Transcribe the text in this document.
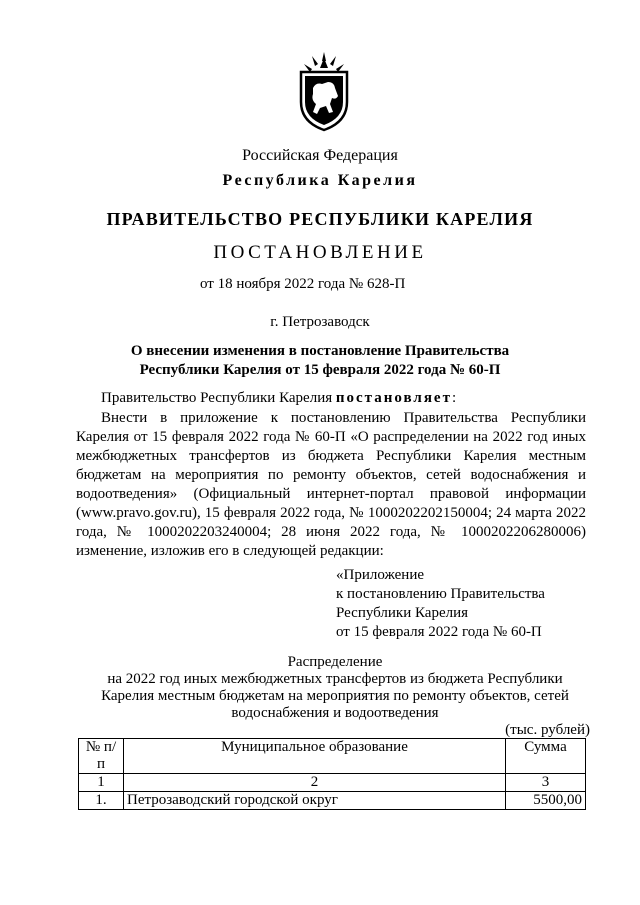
Российская Федерация
Республика Карелия
ПРАВИТЕЛЬСТВО РЕСПУБЛИКИ КАРЕЛИЯ
ПОСТАНОВЛЕНИЕ
от 18 ноября 2022 года № 628-П
г. Петрозаводск
О внесении изменения в постановление Правительства
Республики Карелия от 15 февраля 2022 года № 60-П
Правительство Республики Карелия постановляет:
Внести в приложение к постановлению Правительства Республики Карелия от 15 февраля 2022 года № 60-П «О распределении на 2022 год иных межбюджетных трансфертов из бюджета Республики Карелия местным бюджетам на мероприятия по ремонту объектов, сетей водоснабжения и водоотведения» (Официальный интернет-портал правовой информации (www.pravo.gov.ru), 15 февраля 2022 года, № 1000202202150004; 24 марта 2022 года, № 1000202203240004; 28 июня 2022 года, № 1000202206280006) изменение, изложив его в следующей редакции:
«Приложение
к постановлению Правительства
Республики Карелия
от 15 февраля 2022 года № 60-П
Распределение
на 2022 год иных межбюджетных трансфертов из бюджета Республики
Карелия местным бюджетам на мероприятия по ремонту объектов, сетей
водоснабжения и водоотведения
(тыс. рублей)
№ п/п	Муниципальное образование	Сумма
1	2	3
1.	Петрозаводский городской округ	5500,00
